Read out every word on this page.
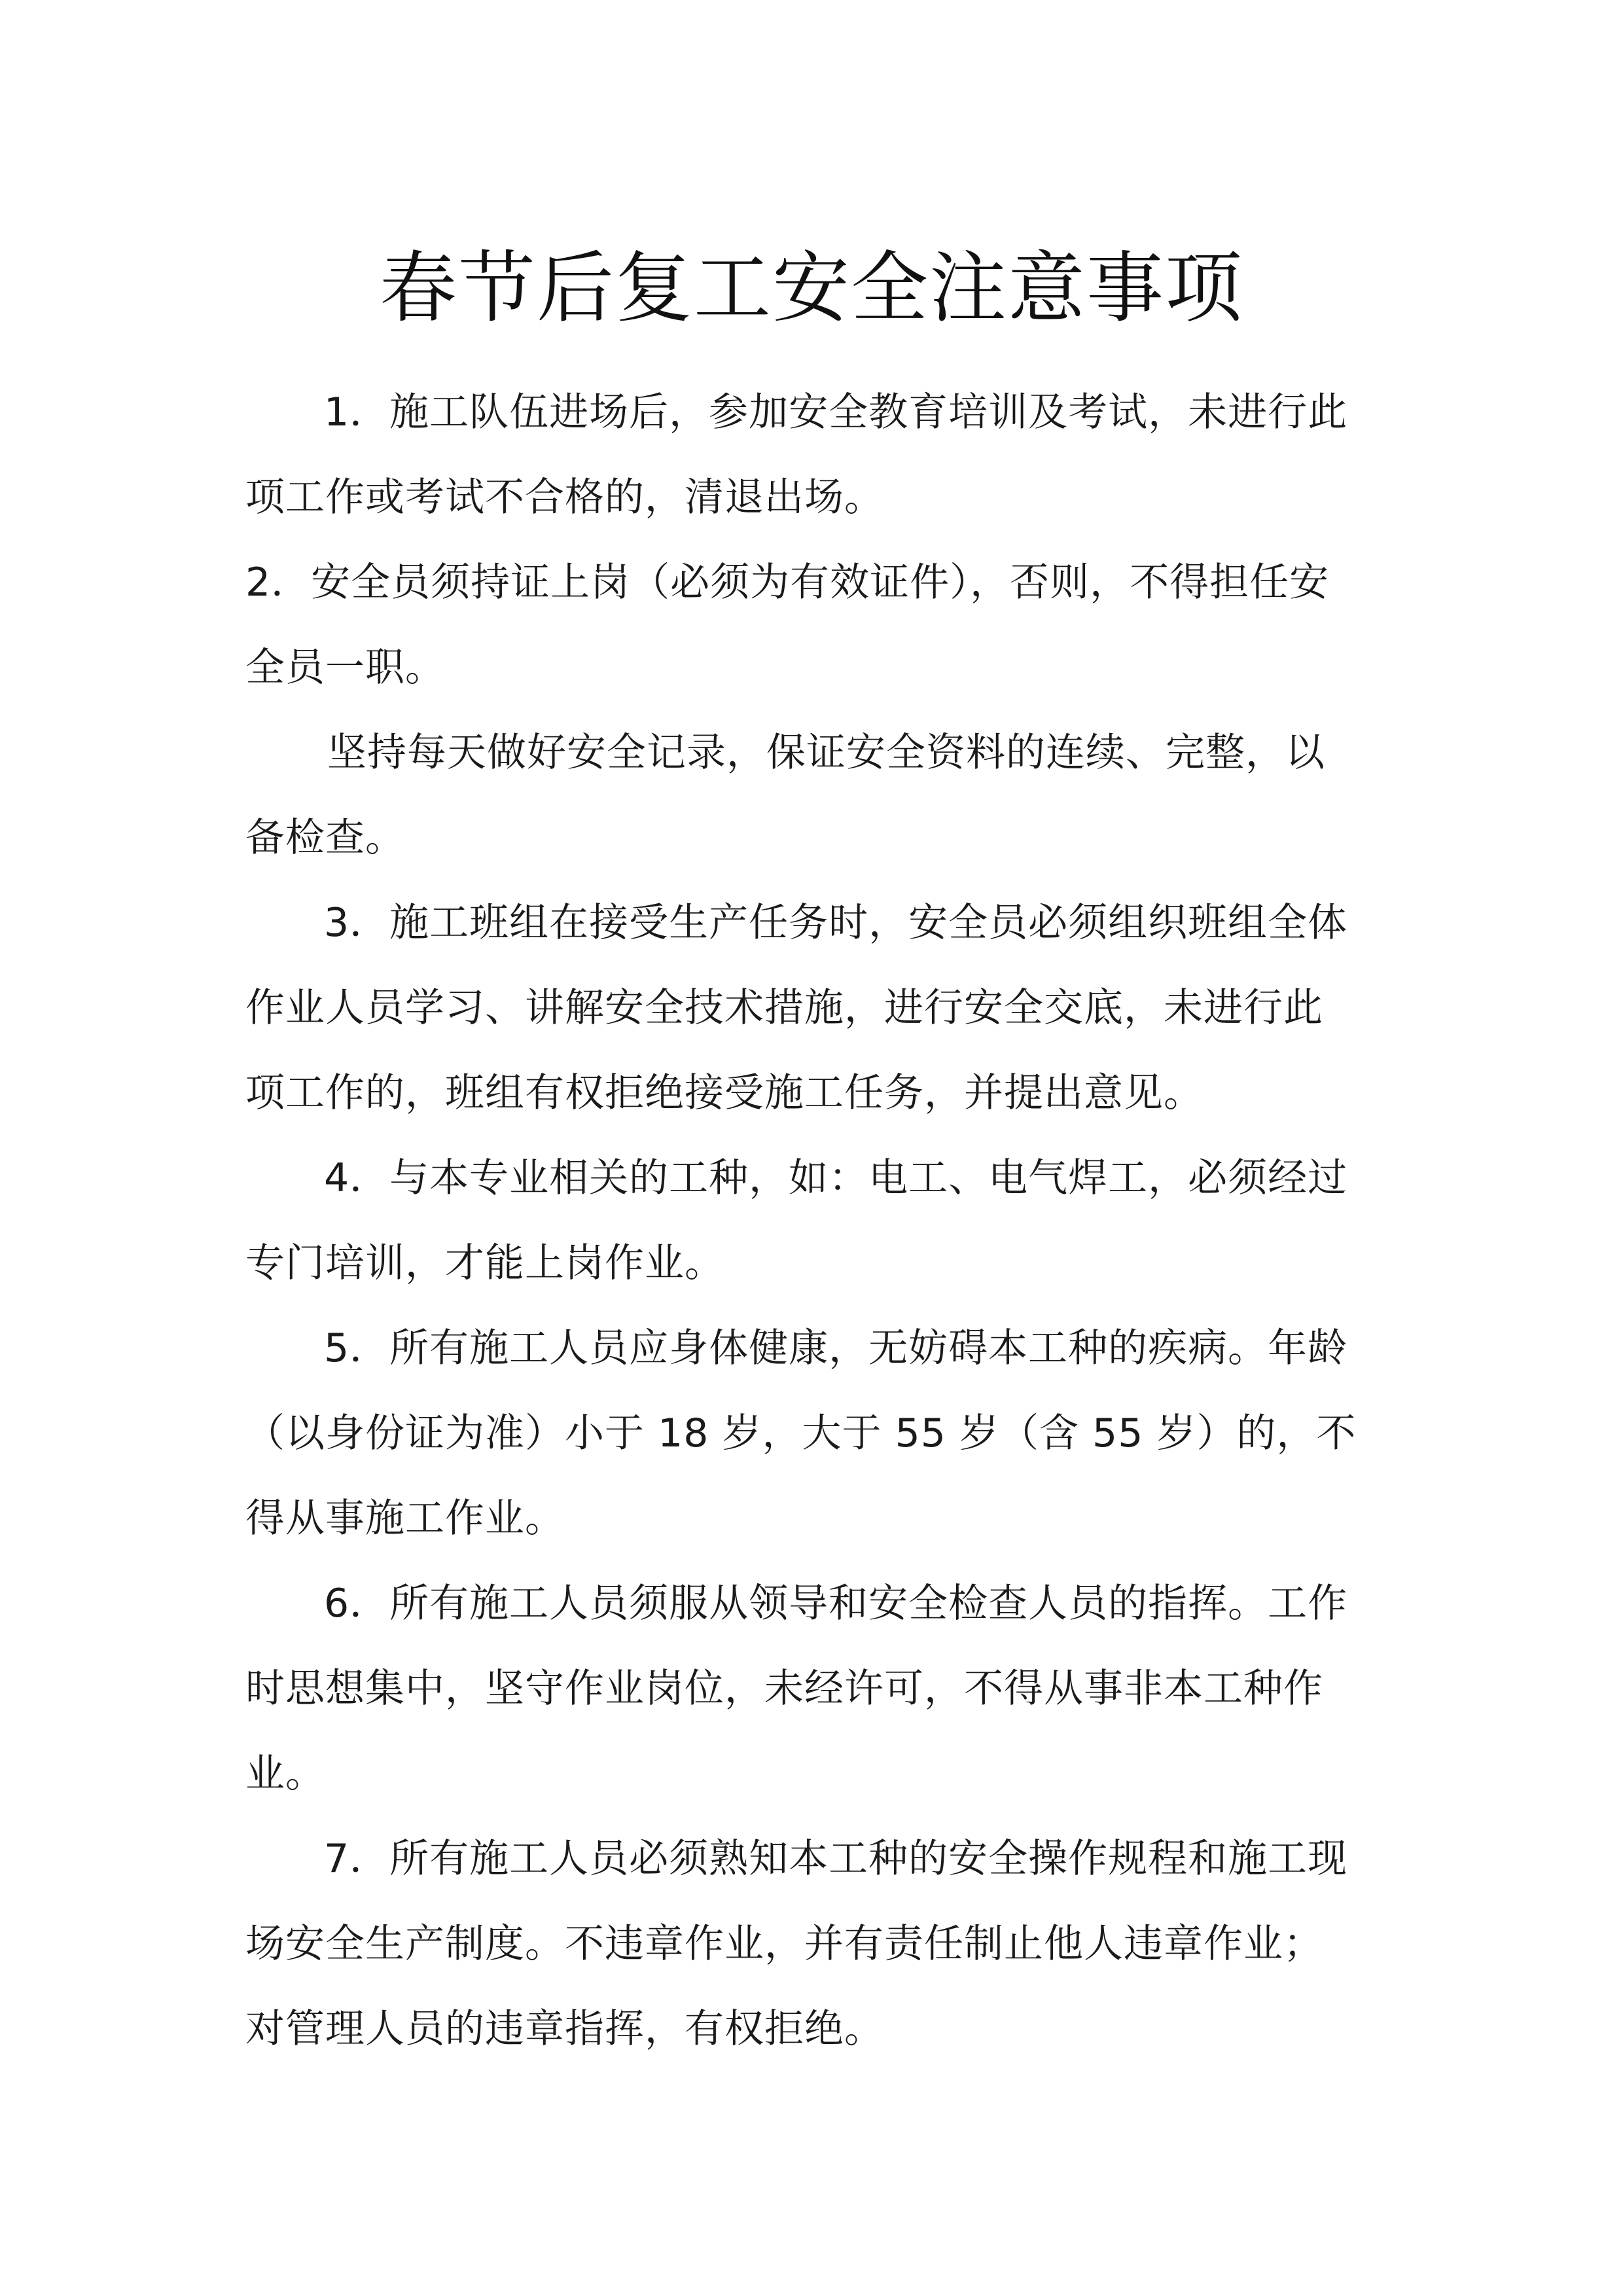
春节后复工安全注意事项
1．施工队伍进场后，参加安全教育培训及考试，未进行此
项工作或考试不合格的，清退出场。
2．安全员须持证上岗（必须为有效证件），否则，不得担任安
全员一职。
坚持每天做好安全记录，保证安全资料的连续、完整，以
备检查。
3．施工班组在接受生产任务时，安全员必须组织班组全体
作业人员学习、讲解安全技术措施，进行安全交底，未进行此
项工作的，班组有权拒绝接受施工任务，并提出意见。
4．与本专业相关的工种，如：电工、电气焊工，必须经过
专门培训，才能上岗作业。
5．所有施工人员应身体健康，无妨碍本工种的疾病。年龄
（以身份证为准）小于 18 岁，大于 55 岁（含 55 岁）的，不
得从事施工作业。
6．所有施工人员须服从领导和安全检查人员的指挥。工作
时思想集中，坚守作业岗位，未经许可，不得从事非本工种作
业。
7．所有施工人员必须熟知本工种的安全操作规程和施工现
场安全生产制度。不违章作业，并有责任制止他人违章作业；
对管理人员的违章指挥，有权拒绝。
